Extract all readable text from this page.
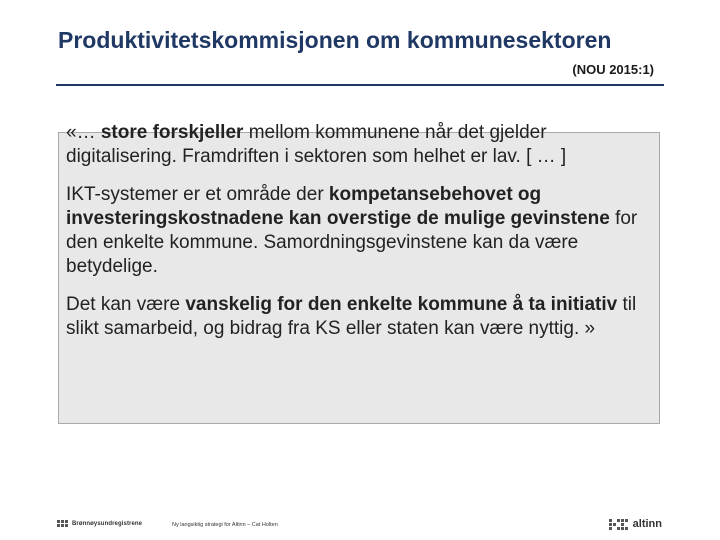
Produktivitetskommisjonen om kommunesektoren
(NOU 2015:1)

«… store forskjeller mellom kommunene når det gjelder digitalisering. Framdriften i sektoren som helhet er lav. [ … ]

IKT-systemer er et område der kompetansebehovet og investeringskostnadene kan overstige de mulige gevinstene for den enkelte kommune. Samordningsgevinstene kan da være betydelige.

Det kan være vanskelig for den enkelte kommune å ta initiativ til slikt samarbeid, og bidrag fra KS eller staten kan være nyttig. »

Brønnøysundregistrene	Ny langsiktig strategi for Altinn – Cat Holten	altinn
